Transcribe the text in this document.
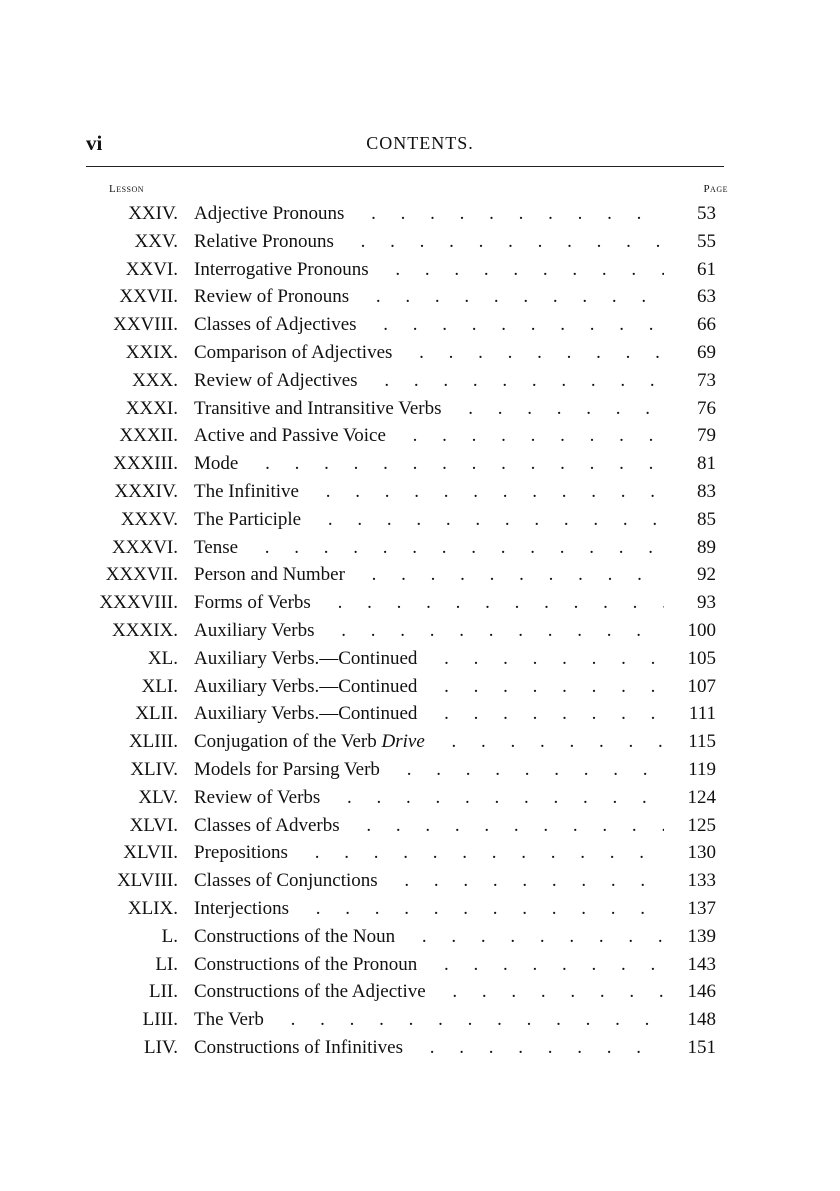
vi	CONTENTS.
Lesson	Page
XXIV. Adjective Pronouns . .	53
XXV. Relative Pronouns . .	55
XXVI. Interrogative Pronouns . .	61
XXVII. Review of Pronouns . .	63
XXVIII. Classes of Adjectives . .	66
XXIX. Comparison of Adjectives . .	69
XXX. Review of Adjectives . .	73
XXXI. Transitive and Intransitive Verbs . .	76
XXXII. Active and Passive Voice . .	79
XXXIII. Mode . .	81
XXXIV. The Infinitive . .	83
XXXV. The Participle . .	85
XXXVI. Tense . .	89
XXXVII. Person and Number . .	92
XXXVIII. Forms of Verbs . .	93
XXXIX. Auxiliary Verbs . .	100
XL. Auxiliary Verbs.—Continued . .	105
XLI. Auxiliary Verbs.—Continued . .	107
XLII. Auxiliary Verbs.—Continued . .	111
XLIII. Conjugation of the Verb Drive . .	115
XLIV. Models for Parsing Verb . .	119
XLV. Review of Verbs . .	124
XLVI. Classes of Adverbs . .	125
XLVII. Prepositions . .	130
XLVIII. Classes of Conjunctions . .	133
XLIX. Interjections . .	137
L. Constructions of the Noun . .	139
LI. Constructions of the Pronoun . .	143
LII. Constructions of the Adjective . .	146
LIII. The Verb . .	148
LIV. Constructions of Infinitives . .	151
